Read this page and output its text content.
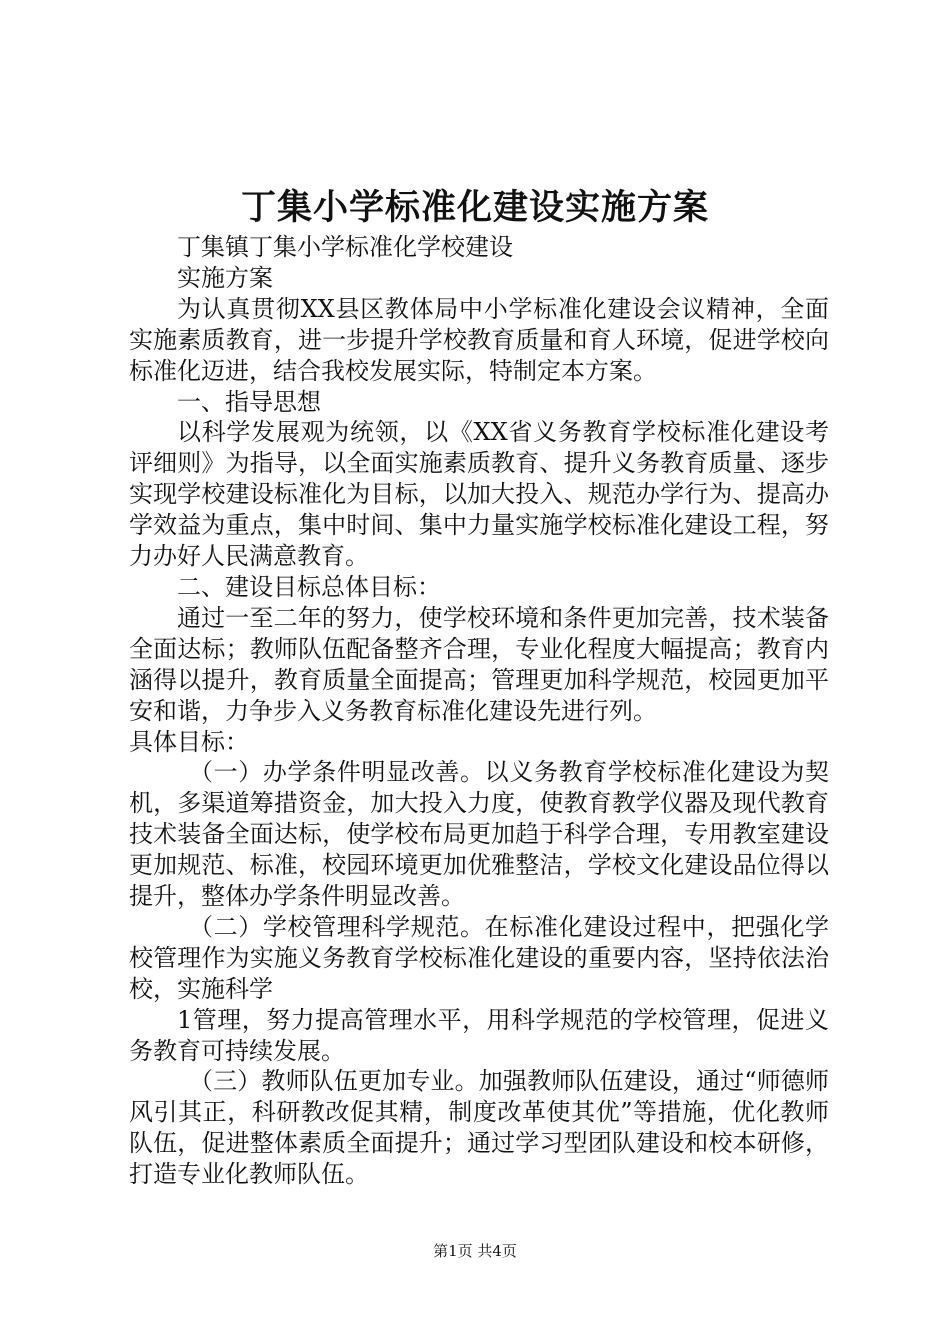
丁集小学标准化建设实施方案

丁集镇丁集小学标准化学校建设

实施方案

为认真贯彻XX县区教体局中小学标准化建设会议精神，全面实施素质教育，进一步提升学校教育质量和育人环境，促进学校向标准化迈进，结合我校发展实际，特制定本方案。

一、指导思想

以科学发展观为统领，以《XX省义务教育学校标准化建设考评细则》为指导，以全面实施素质教育、提升义务教育质量、逐步实现学校建设标准化为目标，以加大投入、规范办学行为、提高办学效益为重点，集中时间、集中力量实施学校标准化建设工程，努力办好人民满意教育。

二、建设目标总体目标：

通过一至二年的努力，使学校环境和条件更加完善，技术装备全面达标；教师队伍配备整齐合理，专业化程度大幅提高；教育内涵得以提升，教育质量全面提高；管理更加科学规范，校园更加平安和谐，力争步入义务教育标准化建设先进行列。

具体目标：

（一）办学条件明显改善。以义务教育学校标准化建设为契机，多渠道筹措资金，加大投入力度，使教育教学仪器及现代教育技术装备全面达标，使学校布局更加趋于科学合理，专用教室建设更加规范、标准，校园环境更加优雅整洁，学校文化建设品位得以提升，整体办学条件明显改善。

（二）学校管理科学规范。在标准化建设过程中，把强化学校管理作为实施义务教育学校标准化建设的重要内容，坚持依法治校，实施科学

1管理，努力提高管理水平，用科学规范的学校管理，促进义务教育可持续发展。

（三）教师队伍更加专业。加强教师队伍建设，通过“师德师风引其正，科研教改促其精，制度改革使其优”等措施，优化教师队伍，促进整体素质全面提升；通过学习型团队建设和校本研修，打造专业化教师队伍。

第1页 共4页
